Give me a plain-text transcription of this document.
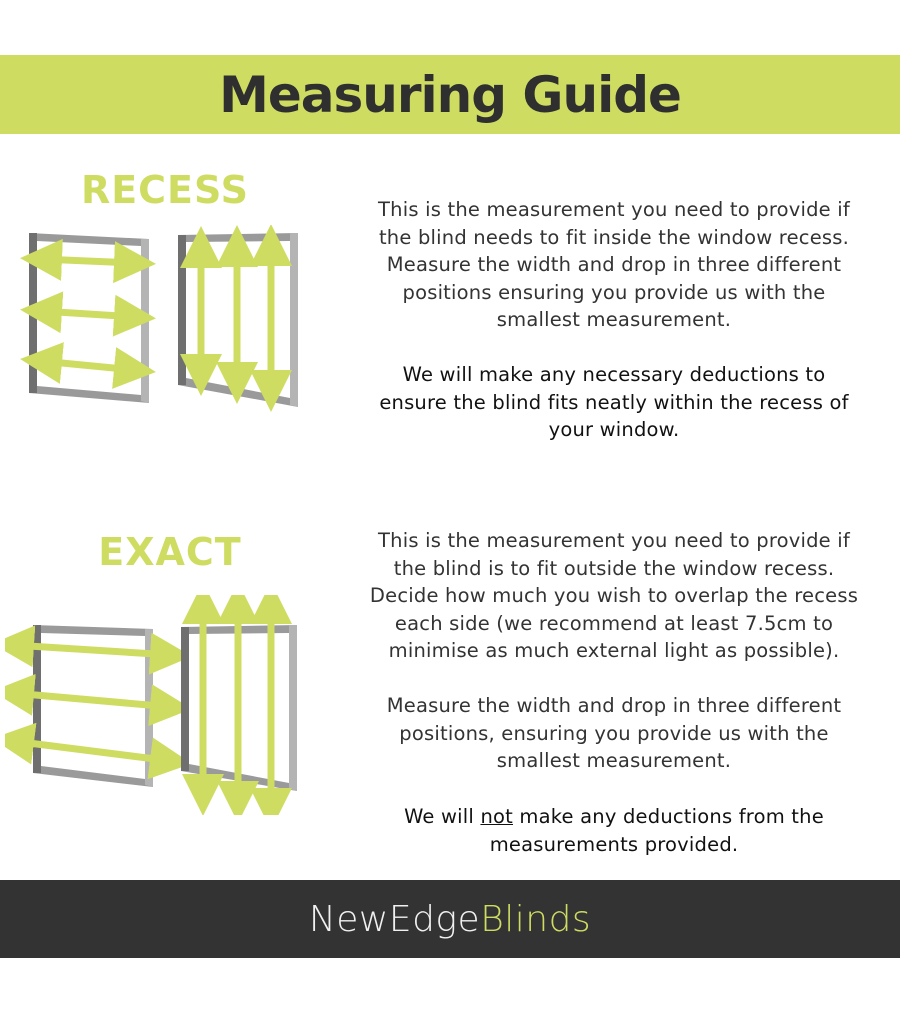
Measuring Guide
RECESS	This is the measurement you need to provide if

the blind needs to fit inside the window recess.

Measure the width and drop in three different

positions ensuring you provide us with the

smallest measurement.

We will make any necessary deductions to

ensure the blind fits neatly within the recess of

your window.

EXACT	This is the measurement you need to provide if

the blind is to fit outside the window recess.

Decide how much you wish to overlap the recess

each side (we recommend at least 7.5cm to

minimise as much external light as possible).

Measure the width and drop in three different

positions, ensuring you provide us with the

smallest measurement.

We will not make any deductions from the

measurements provided.

NewEdgeBlinds
